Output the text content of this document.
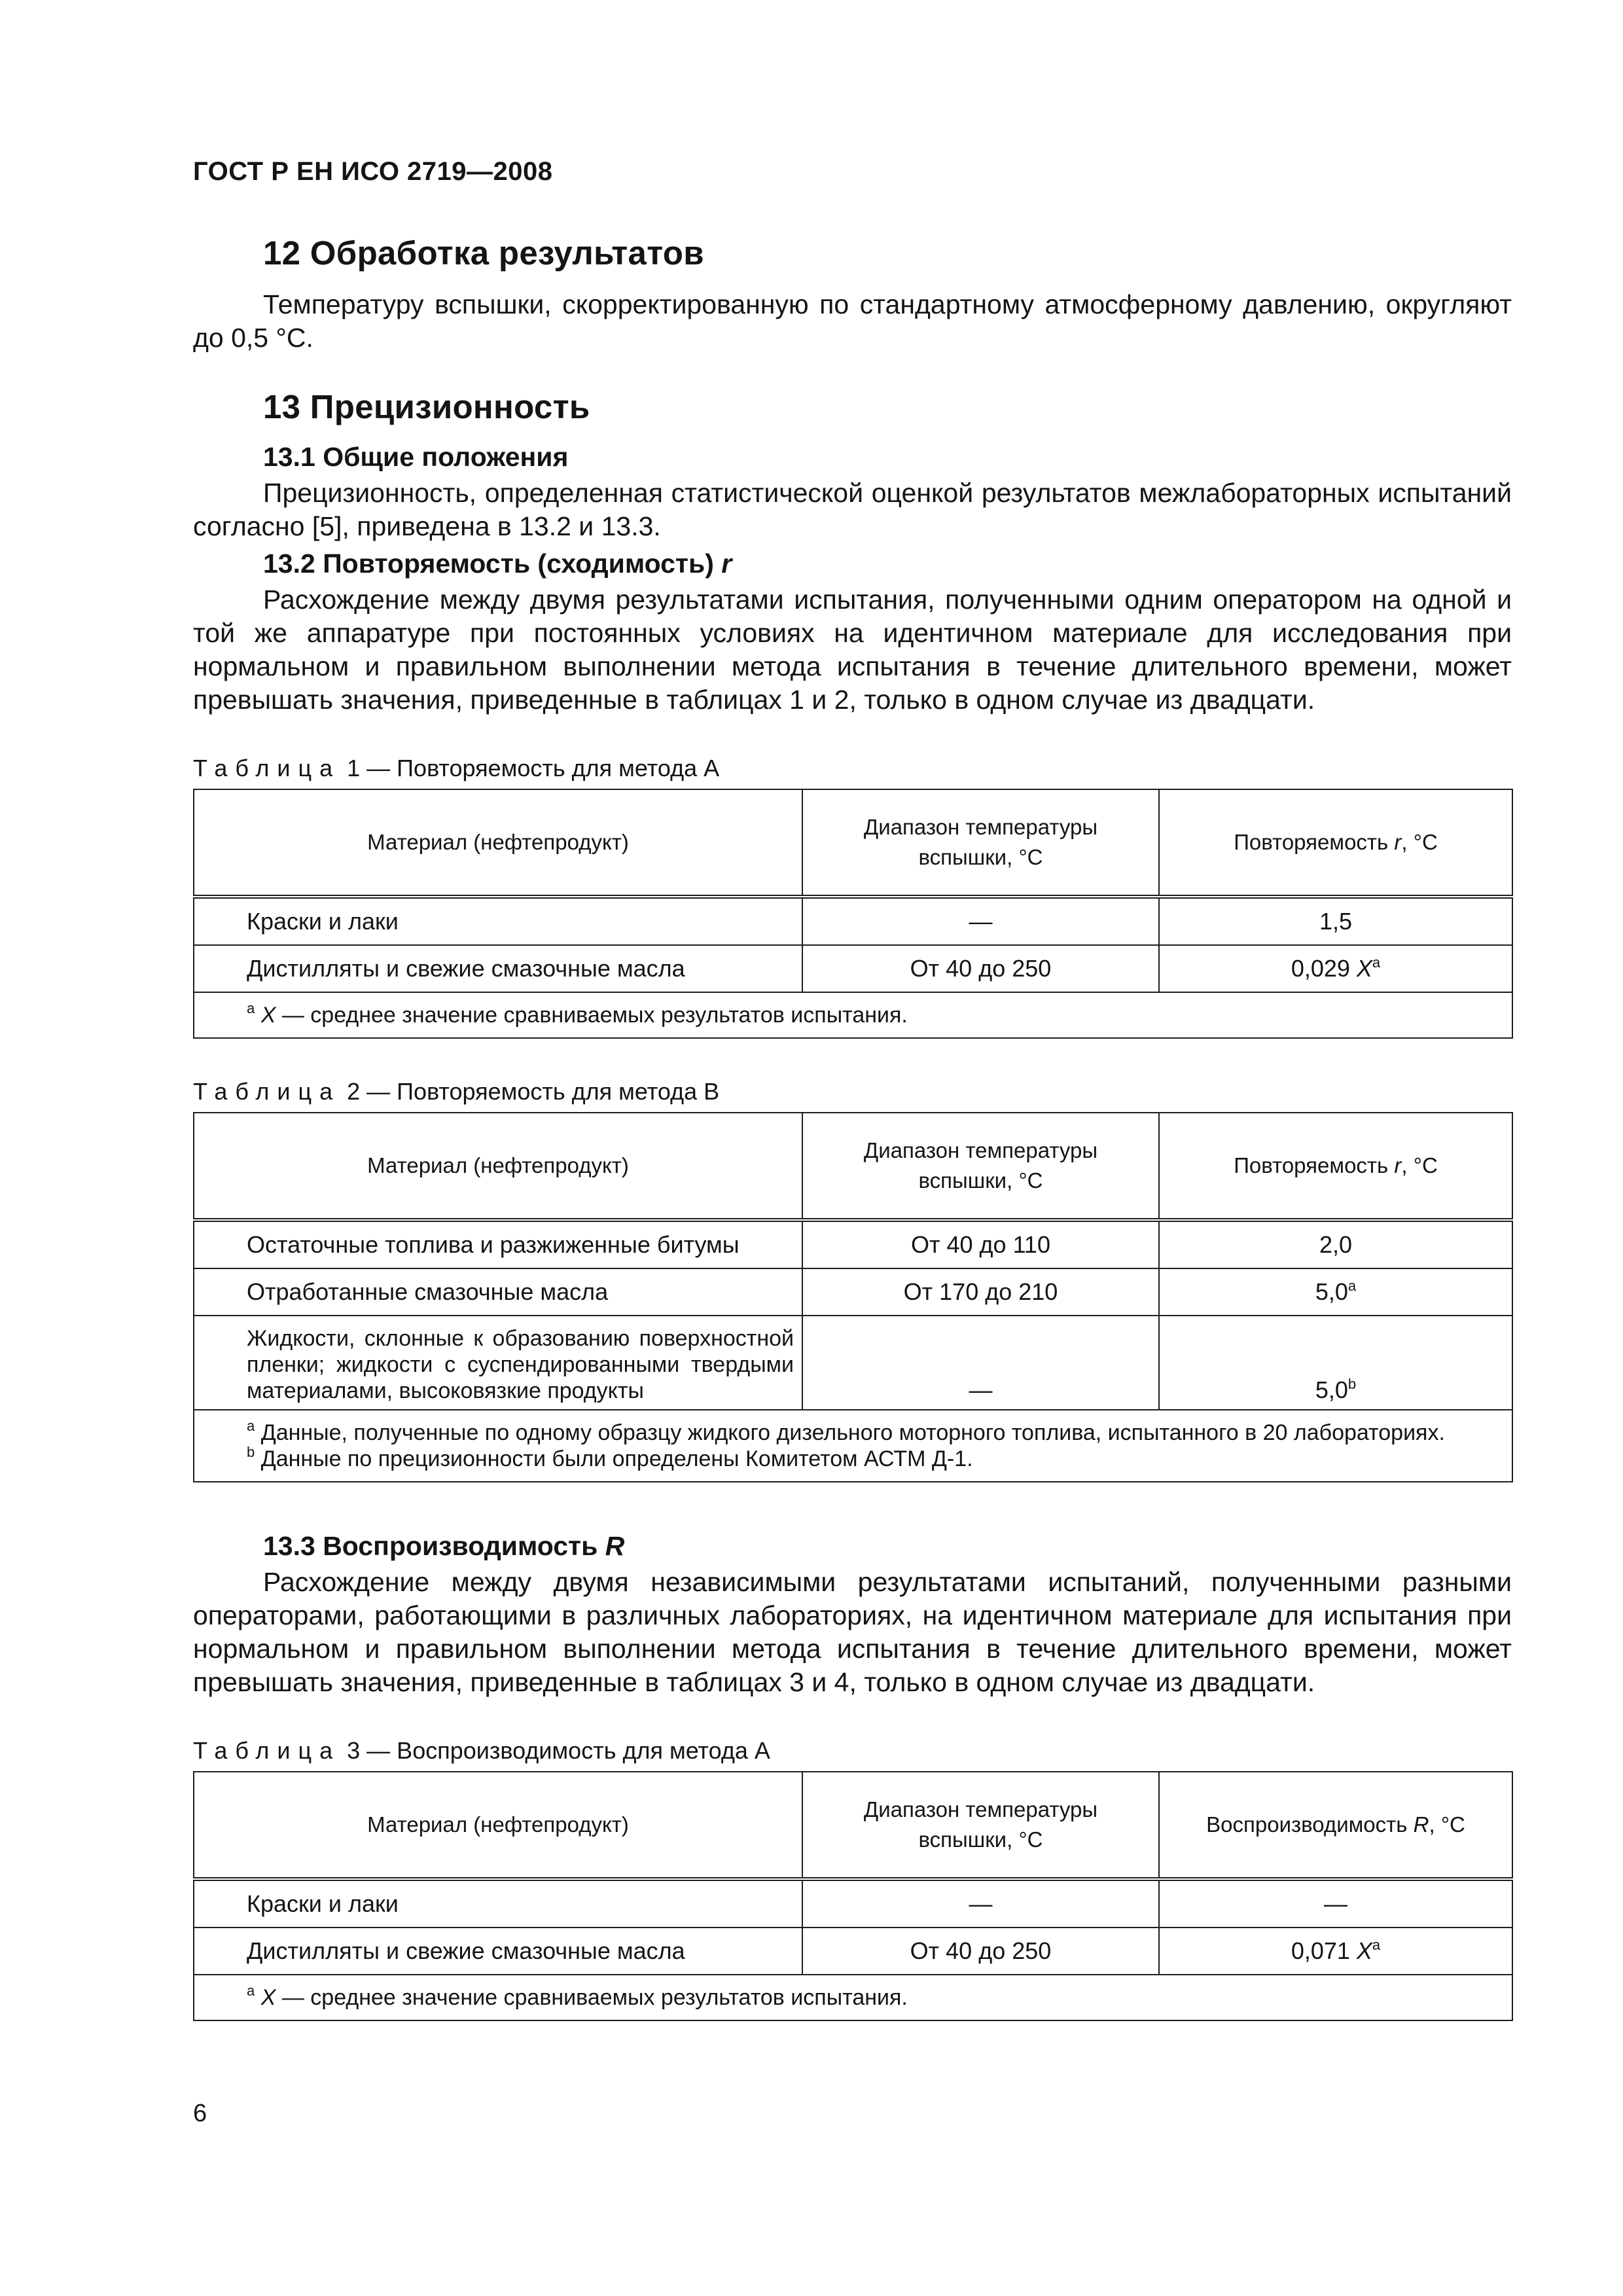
ГОСТ Р ЕН ИСО 2719—2008
12 Обработка результатов

Температуру вспышки, скорректированную по стандартному атмосферному давлению, округляют до 0,5 °С.

13 Прецизионность
13.1 Общие положения

Прецизионность, определенная статистической оценкой результатов межлабораторных испытаний согласно [5], приведена в 13.2 и 13.3.

13.2 Повторяемость (сходимость) r

Расхождение между двумя результатами испытания, полученными одним оператором на одной и той же аппаратуре при постоянных условиях на идентичном материале для исследования при нормальном и правильном выполнении метода испытания в течение длительного времени, может превышать значения, приведенные в таблицах 1 и 2, только в одном случае из двадцати.

Таблица 1 — Повторяемость для метода А
Материал (нефтепродукт)	Диапазон температуры вспышки, °С	Повторяемость r, °С
Краски и лаки	—	1,5
Дистилляты и свежие смазочные масла	От 40 до 250	0,029 $X^a$
$^a$ X — среднее значение сравниваемых результатов испытания.		
Таблица 2 — Повторяемость для метода В
Материал (нефтепродукт)	Диапазон температуры вспышки, °С	Повторяемость r, °С
Остаточные топлива и разжиженные битумы	От 40 до 110	2,0
Отработанные смазочные масла	От 170 до 210	5,0$^a$
Жидкости, склонные к образованию поверхностной пленки; жидкости с суспендированными твердыми материалами, высоковязкие продукты	—	5,0$^b$

$^a$ Данные, полученные по одному образцу жидкого дизельного моторного топлива, испытанного в 20 лабораториях.
$^b$ Данные по прецизионности были определены Комитетом АСТМ Д-1.		
13.3 Воспроизводимость R

Расхождение между двумя независимыми результатами испытаний, полученными разными операторами, работающими в различных лабораториях, на идентичном материале для испытания при нормальном и правильном выполнении метода испытания в течение длительного времени, может превышать значения, приведенные в таблицах 3 и 4, только в одном случае из двадцати.

Таблица 3 — Воспроизводимость для метода А
Материал (нефтепродукт)	Диапазон температуры вспышки, °С	Воспроизводимость R, °С
Краски и лаки	—	—
Дистилляты и свежие смазочные масла	От 40 до 250	0,071 $X^a$
$^a$ X — среднее значение сравниваемых результатов испытания.		
6
